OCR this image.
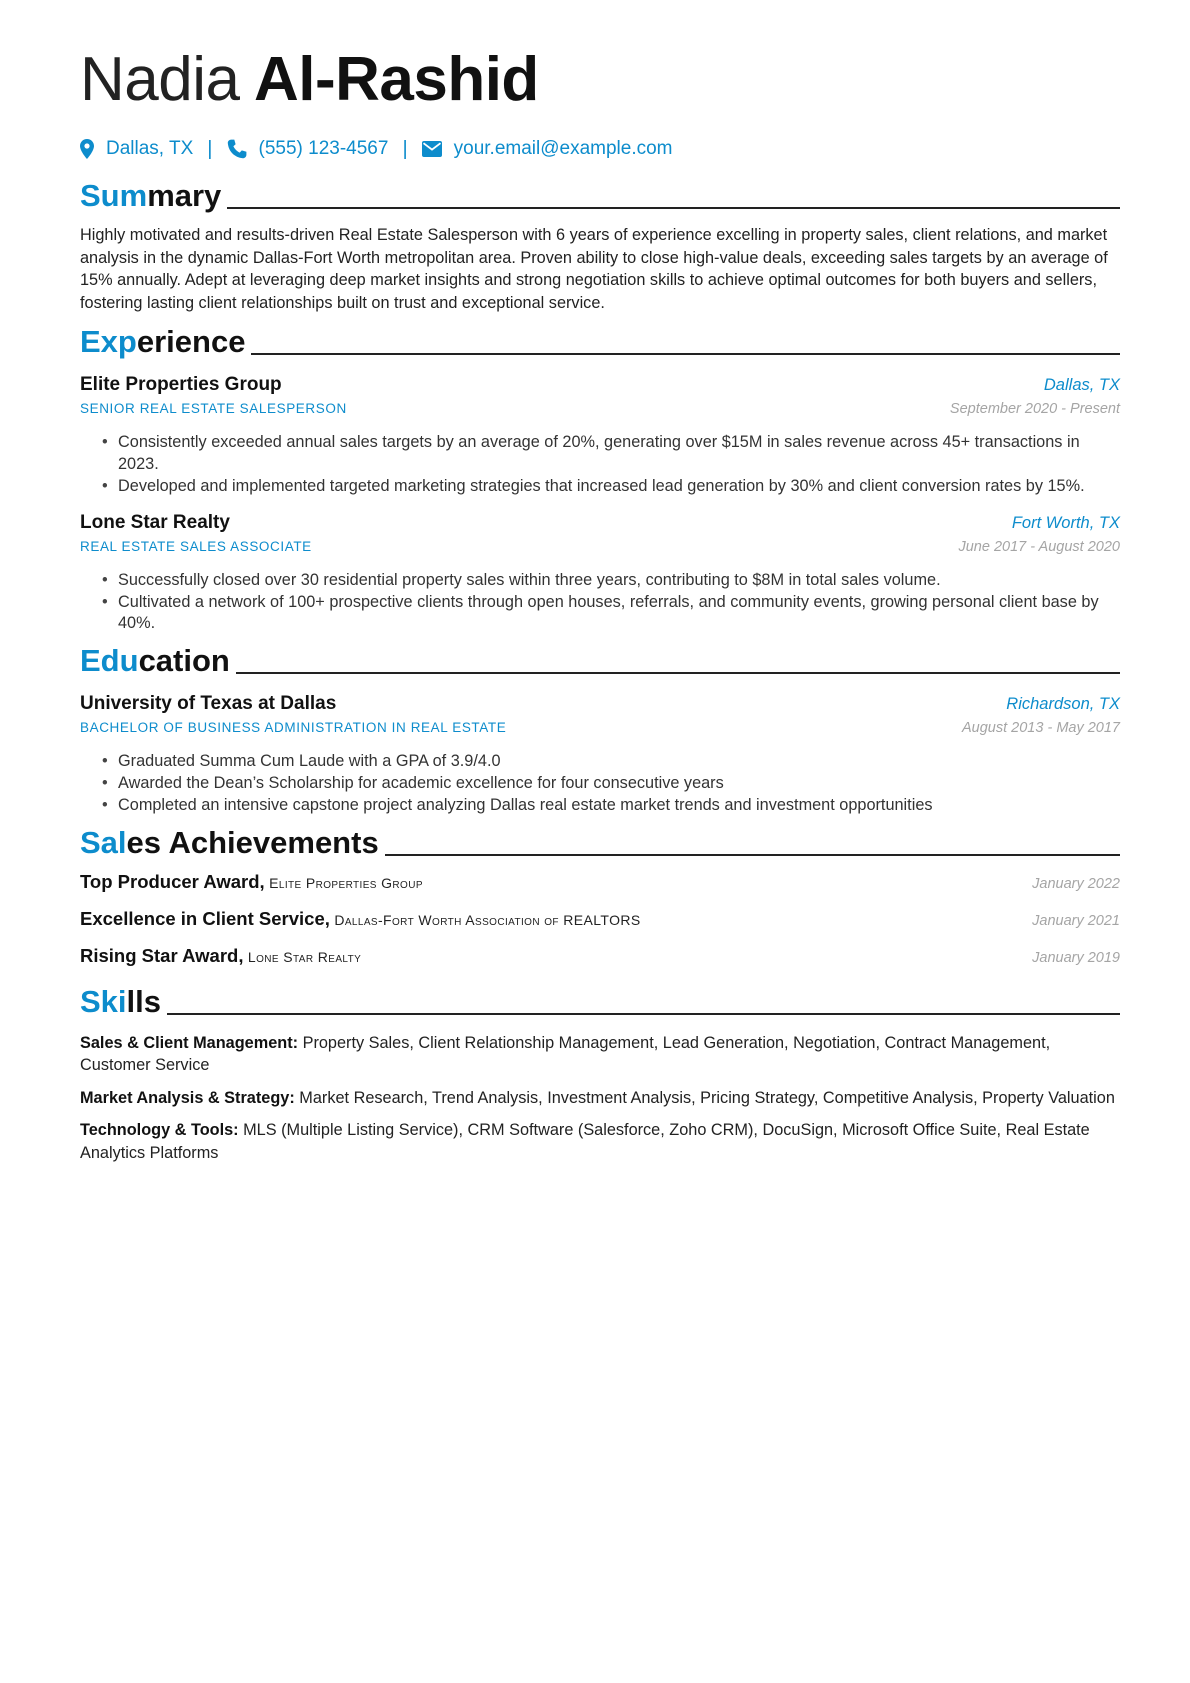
Nadia Al-Rashid
Dallas, TX | (555) 123-4567 | your.email@example.com
Summary

Highly motivated and results-driven Real Estate Salesperson with 6 years of experience excelling in property sales, client relations, and market analysis in the dynamic Dallas-Fort Worth metropolitan area. Proven ability to close high-value deals, exceeding sales targets by an average of 15% annually. Adept at leveraging deep market insights and strong negotiation skills to achieve optimal outcomes for both buyers and sellers, fostering lasting client relationships built on trust and exceptional service.

Experience
Elite Properties Group	Dallas, TX
SENIOR REAL ESTATE SALESPERSON	September 2020 - Present
• Consistently exceeded annual sales targets by an average of 20%, generating over $15M in sales revenue across 45+ transactions in 2023.
• Developed and implemented targeted marketing strategies that increased lead generation by 30% and client conversion rates by 15%.
Lone Star Realty	Fort Worth, TX
REAL ESTATE SALES ASSOCIATE	June 2017 - August 2020
• Successfully closed over 30 residential property sales within three years, contributing to $8M in total sales volume.
• Cultivated a network of 100+ prospective clients through open houses, referrals, and community events, growing personal client base by 40%.
Education
University of Texas at Dallas	Richardson, TX
BACHELOR OF BUSINESS ADMINISTRATION IN REAL ESTATE	August 2013 - May 2017
• Graduated Summa Cum Laude with a GPA of 3.9/4.0
• Awarded the Dean’s Scholarship for academic excellence for four consecutive years
• Completed an intensive capstone project analyzing Dallas real estate market trends and investment opportunities
Sales Achievements
Top Producer Award, Elite Properties Group	January 2022
Excellence in Client Service, Dallas-Fort Worth Association of REALTORS	January 2021
Rising Star Award, Lone Star Realty	January 2019
Skills
Sales & Client Management: Property Sales, Client Relationship Management, Lead Generation, Negotiation, Contract Management, Customer Service
Market Analysis & Strategy: Market Research, Trend Analysis, Investment Analysis, Pricing Strategy, Competitive Analysis, Property Valuation
Technology & Tools: MLS (Multiple Listing Service), CRM Software (Salesforce, Zoho CRM), DocuSign, Microsoft Office Suite, Real Estate Analytics Platforms
